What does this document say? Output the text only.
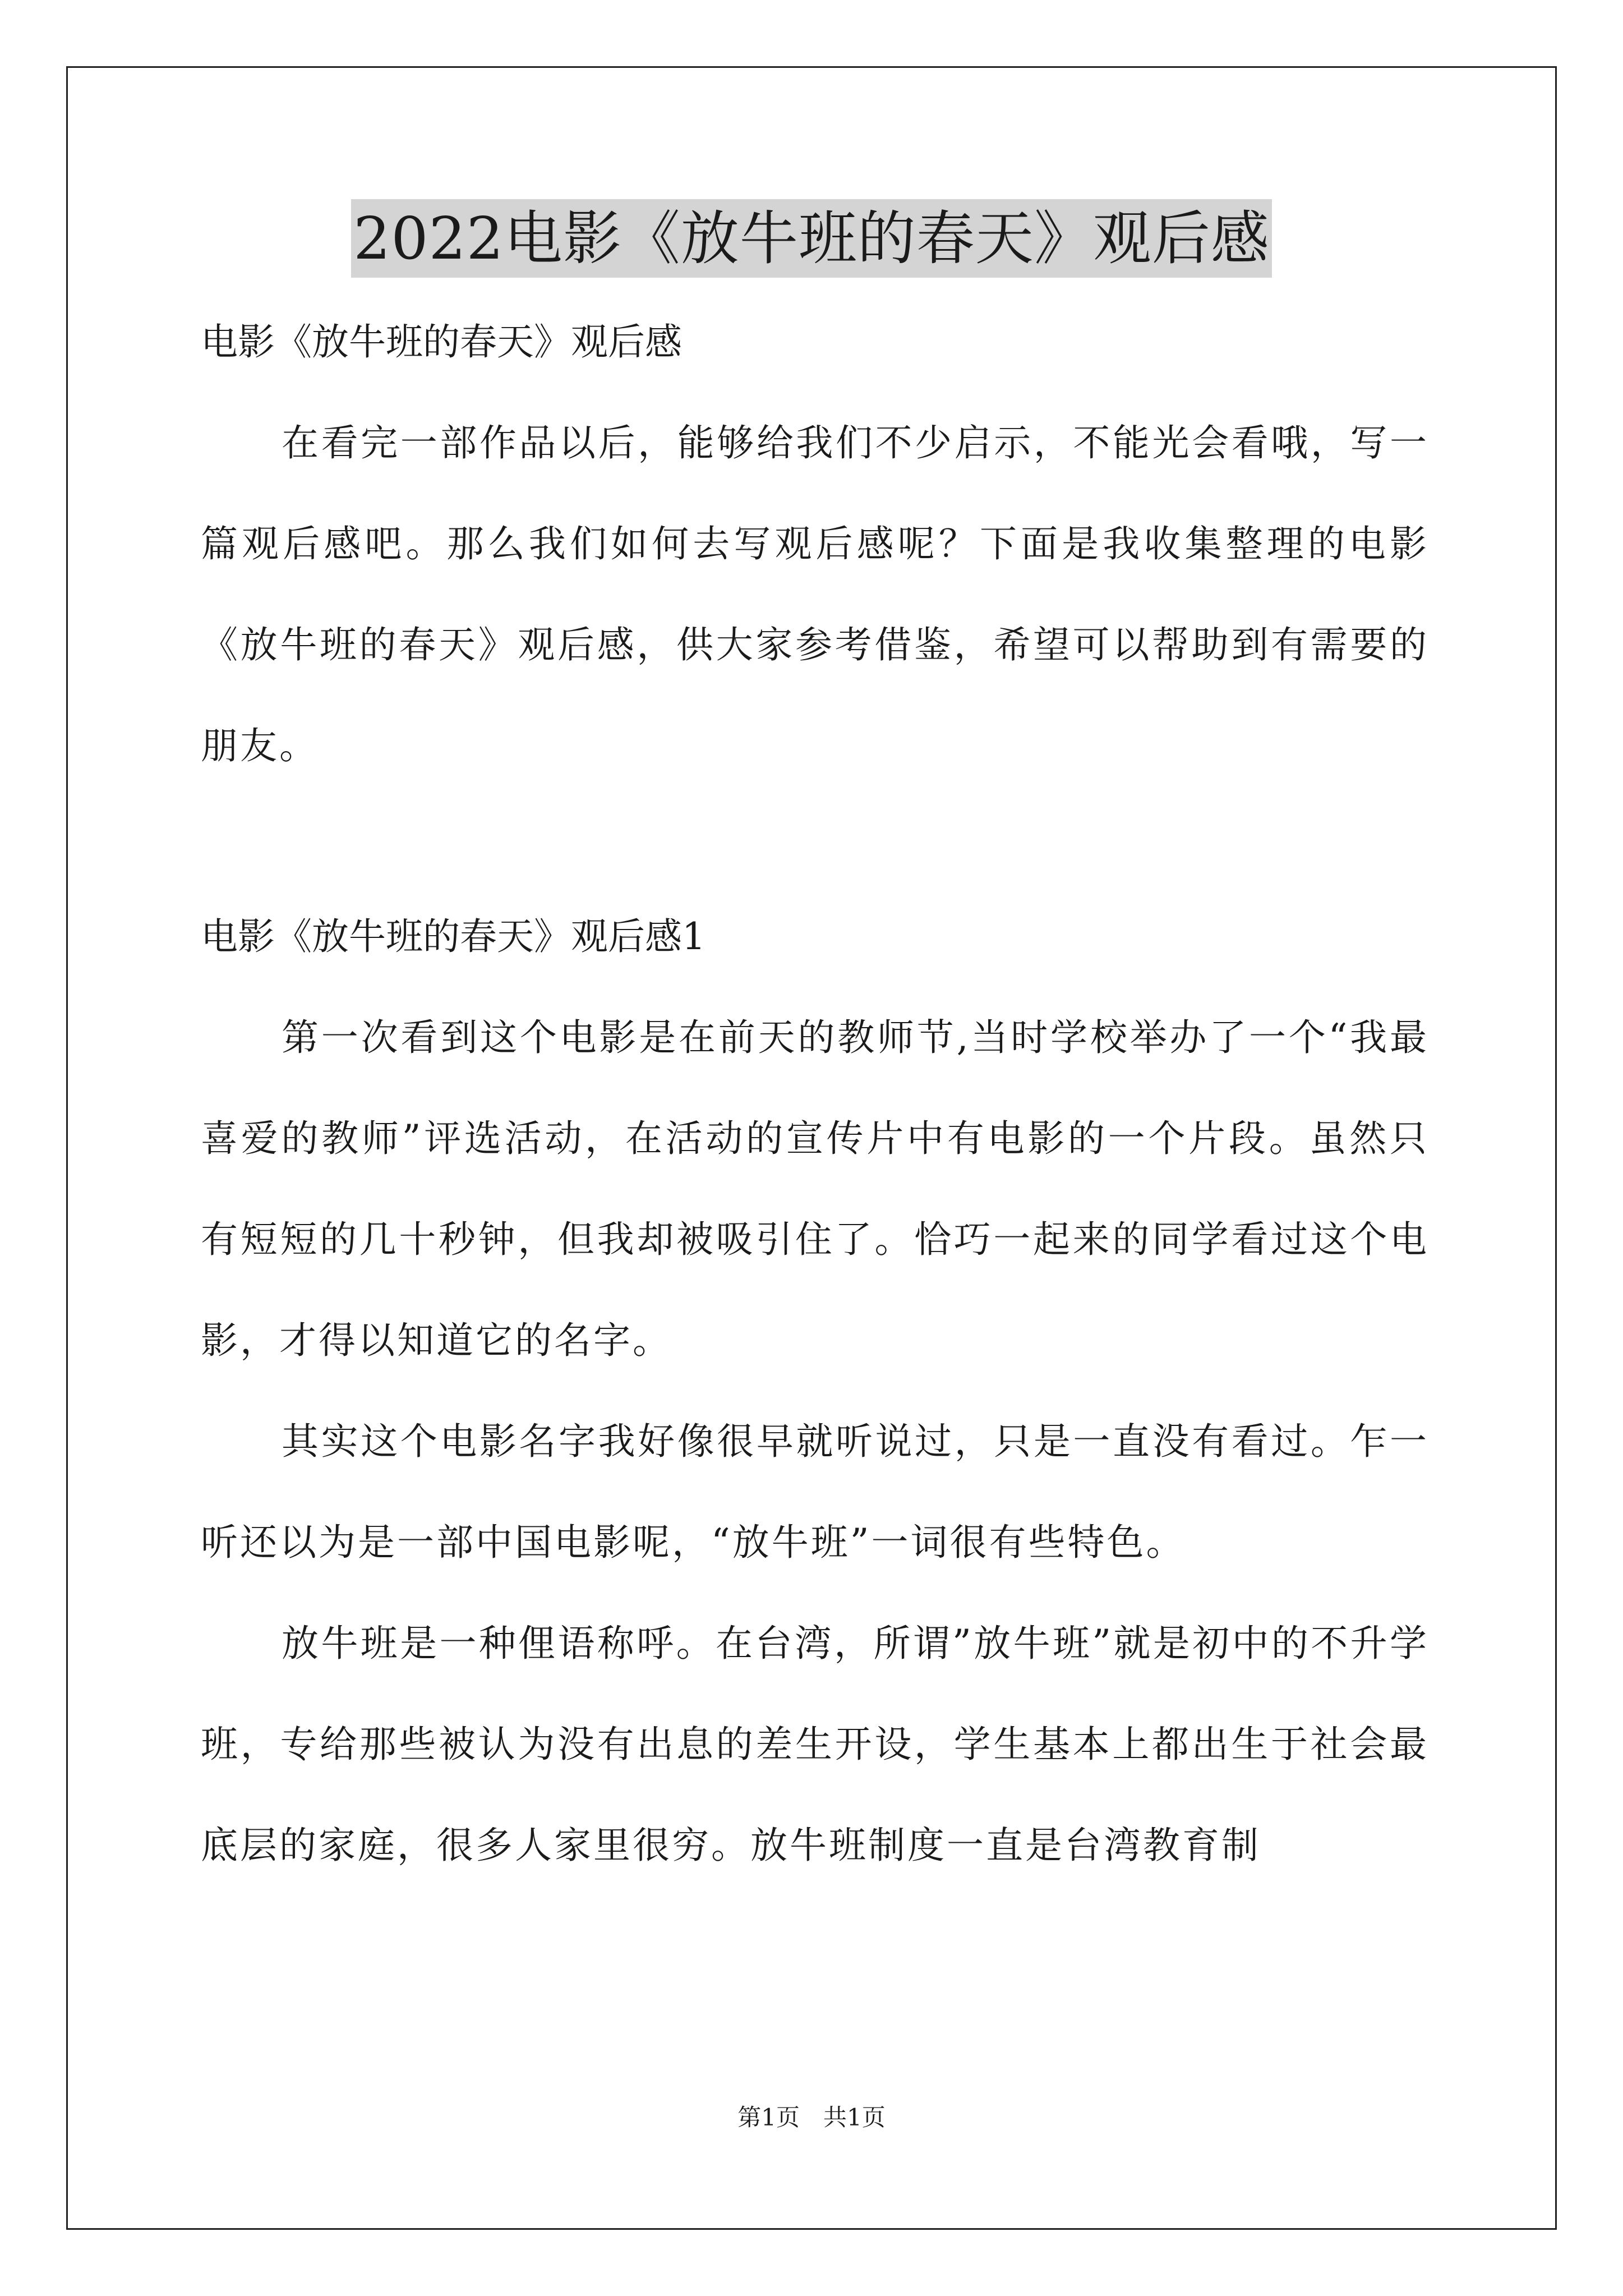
2022电影《放牛班的春天》观后感
电影《放牛班的春天》观后感

在看完一部作品以后，能够给我们不少启示，不能光会看哦，写一篇观后感吧。那么我们如何去写观后感呢？下面是我收集整理的电影《放牛班的春天》观后感，供大家参考借鉴，希望可以帮助到有需要的朋友。

电影《放牛班的春天》观后感1

第一次看到这个电影是在前天的教师节,当时学校举办了一个“我最喜爱的教师”评选活动，在活动的宣传片中有电影的一个片段。虽然只有短短的几十秒钟，但我却被吸引住了。恰巧一起来的同学看过这个电影，才得以知道它的名字。

其实这个电影名字我好像很早就听说过，只是一直没有看过。乍一听还以为是一部中国电影呢，“放牛班”一词很有些特色。

放牛班是一种俚语称呼。在台湾，所谓”放牛班”就是初中的不升学班，专给那些被认为没有出息的差生开设，学生基本上都出生于社会最底层的家庭，很多人家里很穷。放牛班制度一直是台湾教育制

第1页　共1页
